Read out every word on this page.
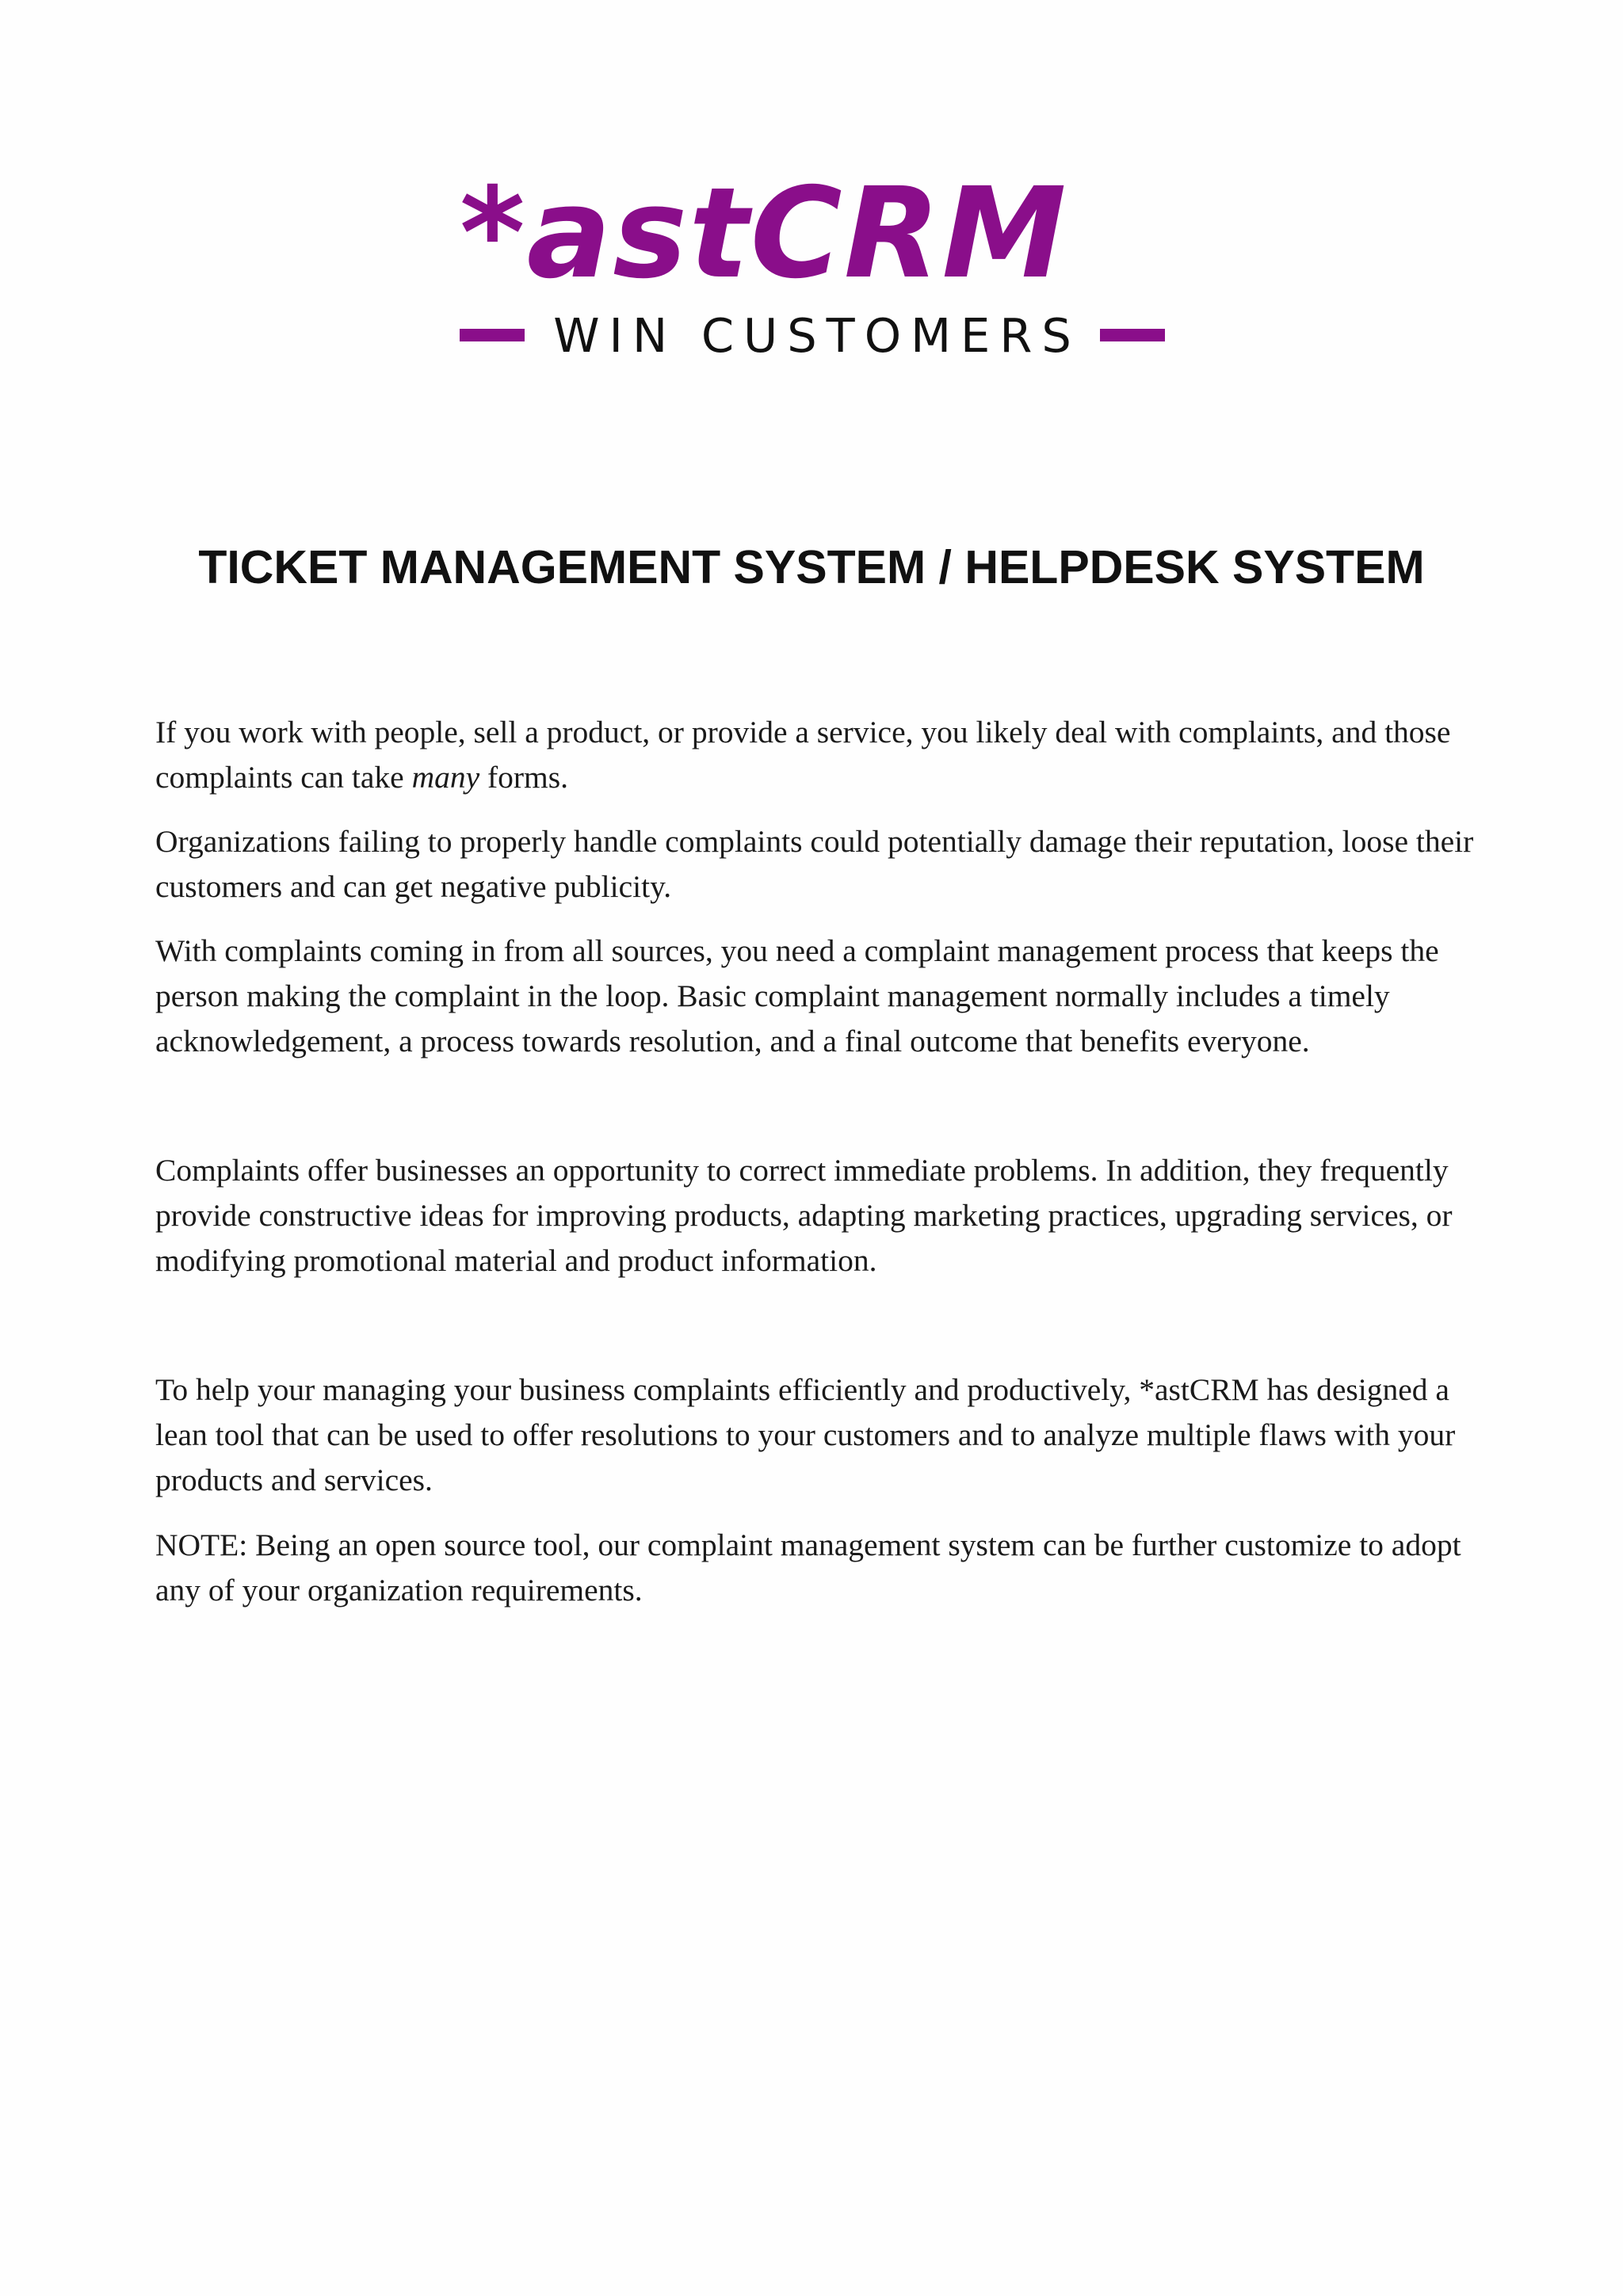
*astCRM
WIN CUSTOMERS
TICKET MANAGEMENT SYSTEM / HELPDESK SYSTEM

If you work with people, sell a product, or provide a service, you likely deal with complaints, and those complaints can take many forms.

Organizations failing to properly handle complaints could potentially damage their reputation, loose their customers and can get negative publicity.

With complaints coming in from all sources, you need a complaint management process that keeps the person making the complaint in the loop. Basic complaint management normally includes a timely acknowledgement, a process towards resolution, and a final outcome that benefits everyone.

Complaints offer businesses an opportunity to correct immediate problems. In addition, they frequently provide constructive ideas for improving products, adapting marketing practices, upgrading services, or modifying promotional material and product information.

To help your managing your business complaints efficiently and productively, *astCRM has designed a lean tool that can be used to offer resolutions to your customers and to analyze multiple flaws with your products and services.

NOTE: Being an open source tool, our complaint management system can be further customize to adopt any of your organization requirements.
